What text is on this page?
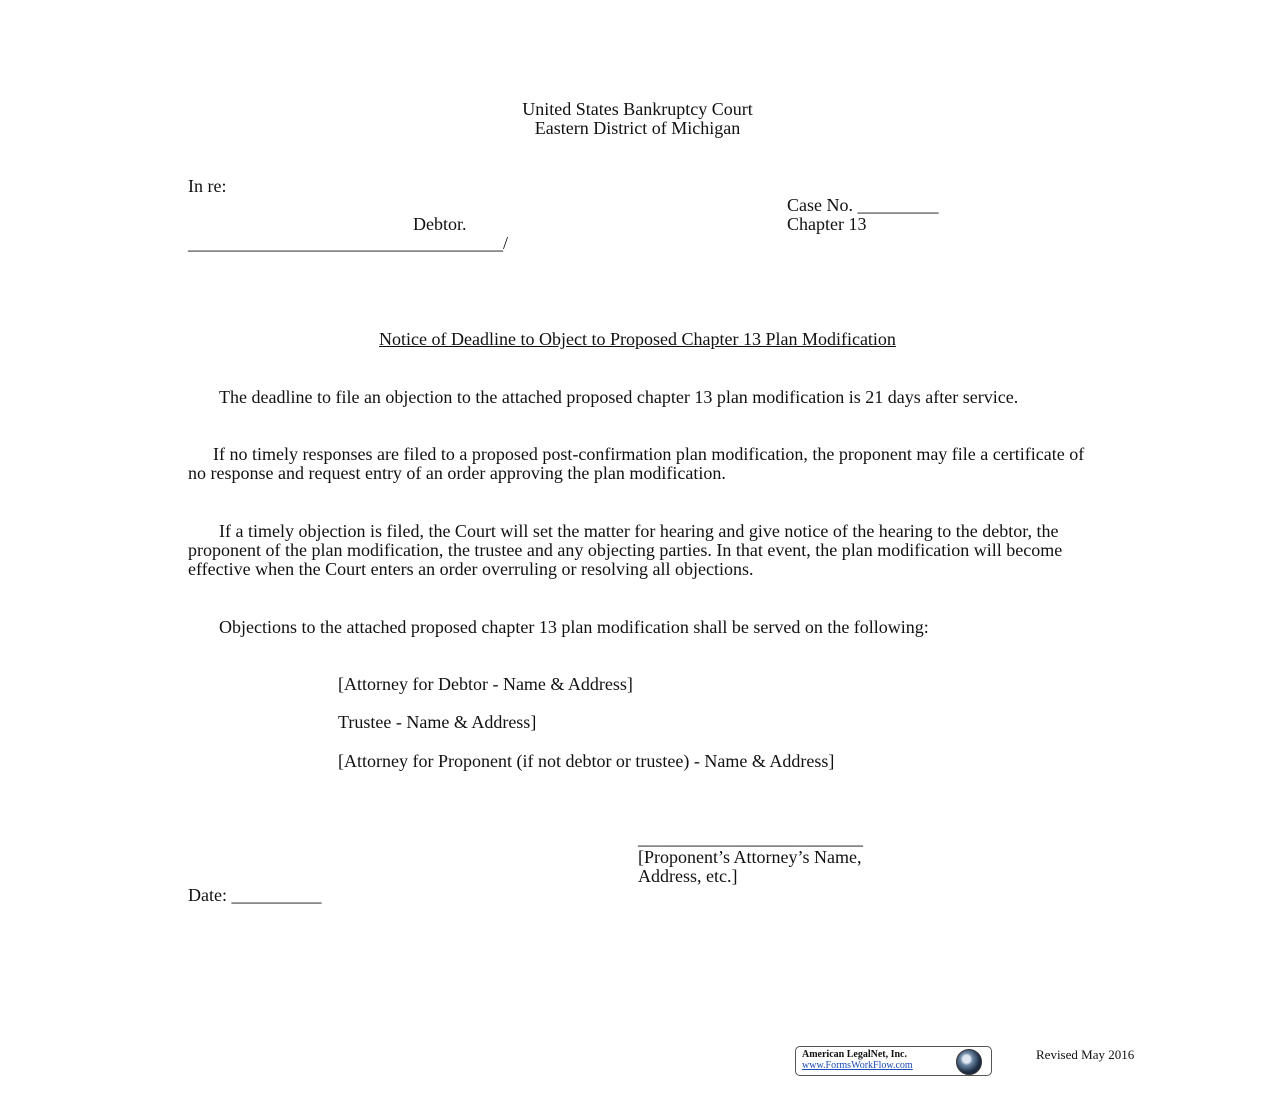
United States Bankruptcy Court
Eastern District of Michigan
In re:
Case No. _________
Debtor.	Chapter 13
___________________________________/
Notice of Deadline to Object to Proposed Chapter 13 Plan Modification
The deadline to file an objection to the attached proposed chapter 13 plan modification is 21 days after service.
If no timely responses are filed to a proposed post-confirmation plan modification, the proponent may file a certificate of no response and request entry of an order approving the plan modification.
If a timely objection is filed, the Court will set the matter for hearing and give notice of the hearing to the debtor, the proponent of the plan modification, the trustee and any objecting parties. In that event, the plan modification will become effective when the Court enters an order overruling or resolving all objections.
Objections to the attached proposed chapter 13 plan modification shall be served on the following:
[Attorney for Debtor - Name & Address]
Trustee - Name & Address]
[Attorney for Proponent (if not debtor or trustee) - Name & Address]
_________________________
[Proponent’s Attorney’s Name,
Address, etc.]
Date: __________
American LegalNet, Inc.
www.FormsWorkFlow.com
Revised May 2016
